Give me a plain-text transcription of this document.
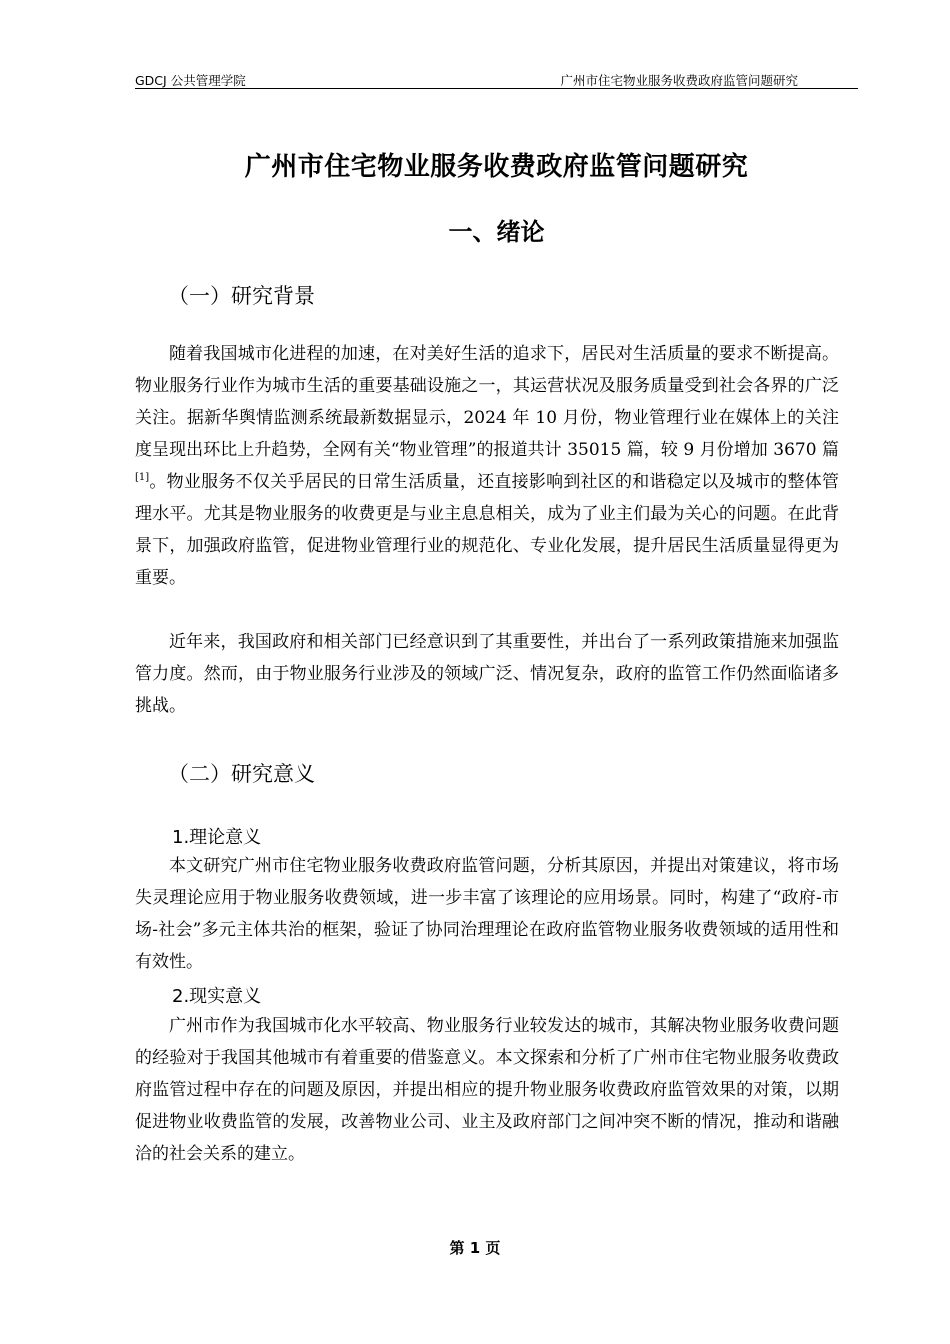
GDCJ 公共管理学院	广州市住宅物业服务收费政府监管问题研究
广州市住宅物业服务收费政府监管问题研究
一、绪论
（一）研究背景

随着我国城市化进程的加速，在对美好生活的追求下，居民对生活质量的要求不断提高。物业服务行业作为城市生活的重要基础设施之一，其运营状况及服务质量受到社会各界的广泛关注。据新华舆情监测系统最新数据显示，2024 年 10 月份，物业管理行业在媒体上的关注度呈现出环比上升趋势，全网有关“物业管理”的报道共计 35015 篇，较 9 月份增加 3670 篇[1]。物业服务不仅关乎居民的日常生活质量，还直接影响到社区的和谐稳定以及城市的整体管理水平。尤其是物业服务的收费更是与业主息息相关，成为了业主们最为关心的问题。在此背景下，加强政府监管，促进物业管理行业的规范化、专业化发展，提升居民生活质量显得更为重要。

近年来，我国政府和相关部门已经意识到了其重要性，并出台了一系列政策措施来加强监管力度。然而，由于物业服务行业涉及的领域广泛、情况复杂，政府的监管工作仍然面临诸多挑战。

（二）研究意义
1.理论意义

本文研究广州市住宅物业服务收费政府监管问题，分析其原因，并提出对策建议，将市场失灵理论应用于物业服务收费领域，进一步丰富了该理论的应用场景。同时，构建了“政府-市场-社会”多元主体共治的框架，验证了协同治理理论在政府监管物业服务收费领域的适用性和有效性。

2.现实意义

广州市作为我国城市化水平较高、物业服务行业较发达的城市，其解决物业服务收费问题的经验对于我国其他城市有着重要的借鉴意义。本文探索和分析了广州市住宅物业服务收费政府监管过程中存在的问题及原因，并提出相应的提升物业服务收费政府监管效果的对策，以期促进物业收费监管的发展，改善物业公司、业主及政府部门之间冲突不断的情况，推动和谐融洽的社会关系的建立。

第 1 页
